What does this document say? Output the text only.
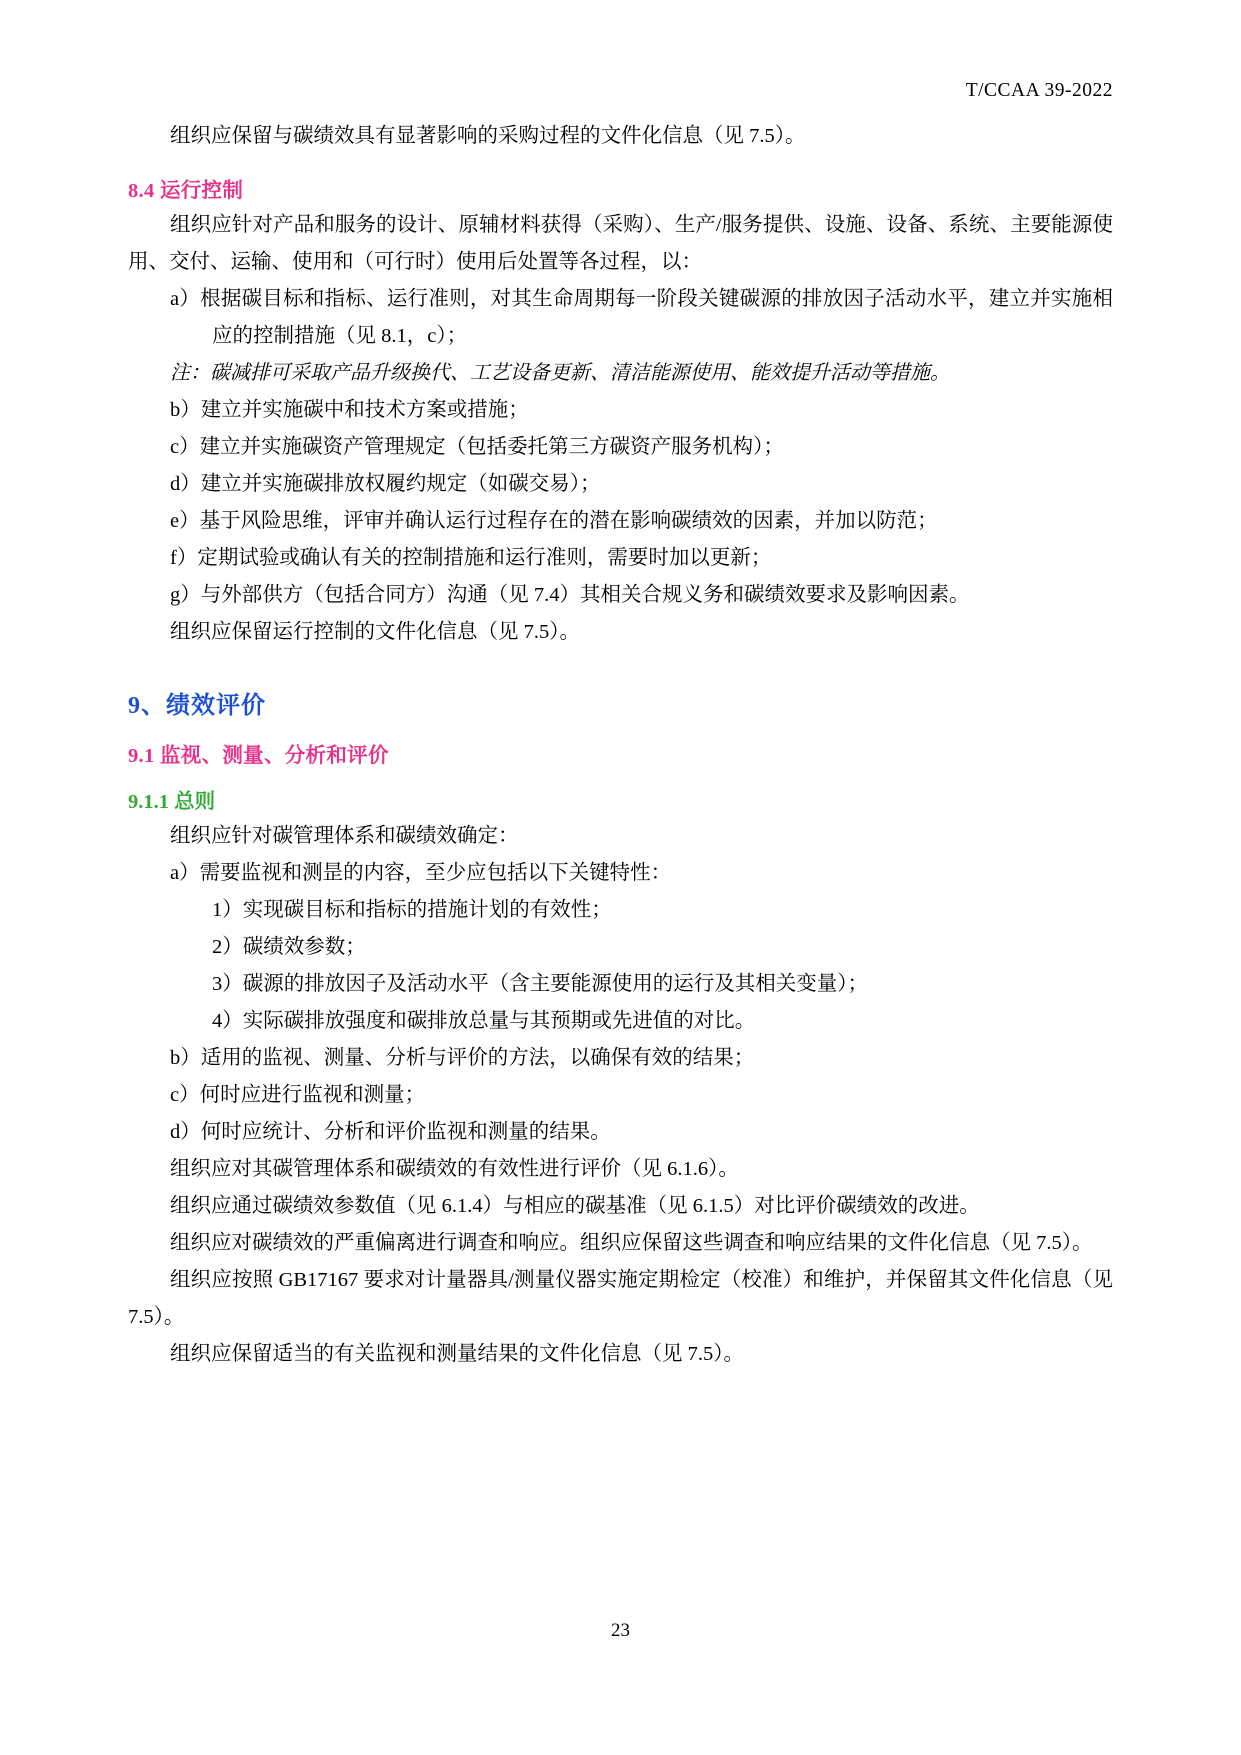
T/CCAA 39-2022

组织应保留与碳绩效具有显著影响的采购过程的文件化信息（见 7.5）。

8.4 运行控制

组织应针对产品和服务的设计、原辅材料获得（采购）、生产/服务提供、设施、设备、系统、主要能源使用、交付、运输、使用和（可行时）使用后处置等各过程，以：

a）根据碳目标和指标、运行准则，对其生命周期每一阶段关键碳源的排放因子活动水平，建立并实施相应的控制措施（见 8.1，c）；

注：碳减排可采取产品升级换代、工艺设备更新、清洁能源使用、能效提升活动等措施。

b）建立并实施碳中和技术方案或措施；

c）建立并实施碳资产管理规定（包括委托第三方碳资产服务机构）；

d）建立并实施碳排放权履约规定（如碳交易）；

e）基于风险思维，评审并确认运行过程存在的潜在影响碳绩效的因素，并加以防范；

f）定期试验或确认有关的控制措施和运行准则，需要时加以更新；

g）与外部供方（包括合同方）沟通（见 7.4）其相关合规义务和碳绩效要求及影响因素。

组织应保留运行控制的文件化信息（见 7.5）。

9、绩效评价
9.1 监视、测量、分析和评价
9.1.1 总则

组织应针对碳管理体系和碳绩效确定：

a）需要监视和测昰的内容，至少应包括以下关键特性：

1）实现碳目标和指标的措施计划的有效性；

2）碳绩效参数；

3）碳源的排放因子及活动水平（含主要能源使用的运行及其相关变量）；

4）实际碳排放强度和碳排放总量与其预期或先进值的对比。

b）适用的监视、测量、分析与评价的方法，以确保有效的结果；

c）何时应进行监视和测量；

d）何时应统计、分析和评价监视和测量的结果。

组织应对其碳管理体系和碳绩效的有效性进行评价（见 6.1.6）。

组织应通过碳绩效参数值（见 6.1.4）与相应的碳基准（见 6.1.5）对比评价碳绩效的改进。

组织应对碳绩效的严重偏离进行调查和响应。组织应保留这些调查和响应结果的文件化信息（见 7.5）。

组织应按照 GB17167 要求对计量器具/测量仪器实施定期检定（校准）和维护，并保留其文件化信息（见 7.5）。

组织应保留适当的有关监视和测量结果的文件化信息（见 7.5）。

23
